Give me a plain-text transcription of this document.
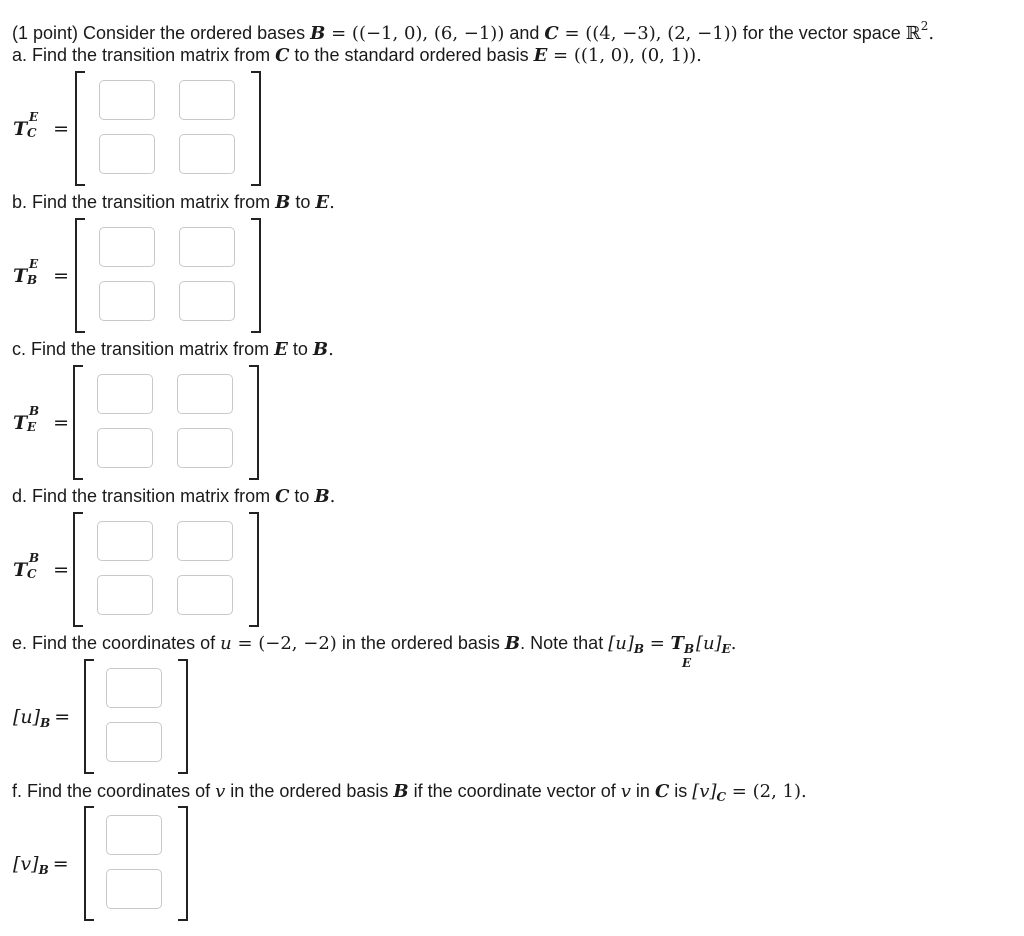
(1 point) Consider the ordered bases B = ((−1, 0), (6, −1)) and C = ((4, −3), (2, −1)) for the vector space ℝ$^2$.
a. Find the transition matrix from C to the standard ordered basis E = ((1, 0), (0, 1)).
T
E
C =
b. Find the transition matrix from B to E.
T
E
B =
c. Find the transition matrix from E to B.
T
B
E =
d. Find the transition matrix from C to B.
T
B
C =
e. Find the coordinates of u = (−2, −2) in the ordered basis B. Note that $[u]_B = T$ B
E
$[u]_E$.
$[u]_B$ =
f. Find the coordinates of v in the ordered basis B if the coordinate vector of v in C is $[v]_C = (2$, 1).
$[v]_B$ =
